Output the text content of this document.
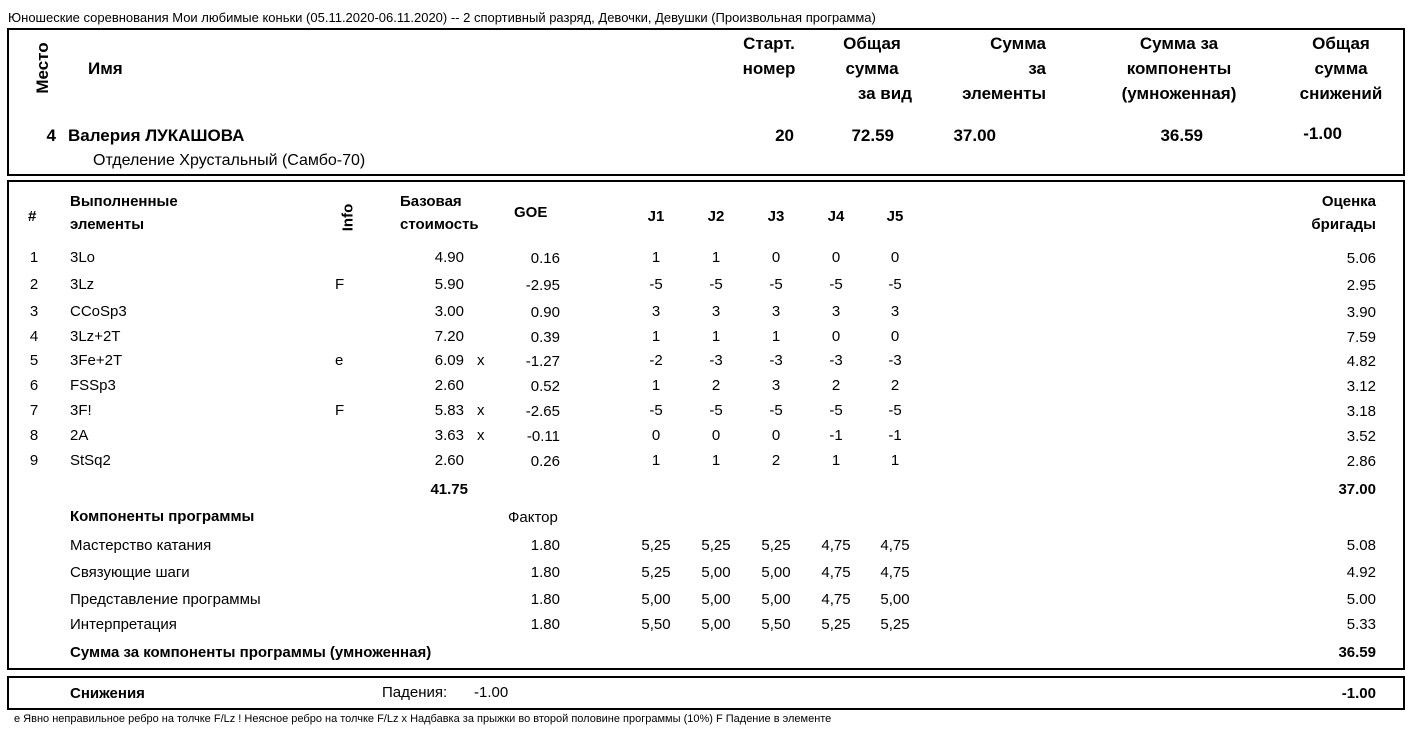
Юношеские соревнования Мои любимые коньки (05.11.2020-06.11.2020) -- 2 спортивный разряд, Девочки, Девушки (Произвольная программа)
Место Имя
Старт.
номер
Общая
сумма
за вид
Сумма
за
элементы
Сумма за
компоненты
(умноженная)
Общая
сумма
снижений
4 Валерия ЛУКАШОВА
Отделение Хрустальный (Самбо-70)
20	72.59	37.00	36.59	-1.00
#
Выполненные
элементы	Info
Базовая
стоимость
GOE	J1	J2	J3	J4	J5
Оценка
бригады
1	3Lo	4.90	0.16	1	1	0	0	0	5.06
2	3Lz	F	5.90	-2.95	-5	-5	-5	-5	-5	2.95
3	CCoSp3	3.00	0.90	3	3	3	3	3	3.90
4	3Lz+2T	7.20	0.39	1	1	1	0	0	7.59
5	3Fe+2T	e	6.09 x	-1.27	-2	-3	-3	-3	-3	4.82
6	FSSp3	2.60	0.52	1	2	3	2	2	3.12
7	3F!	F	5.83 x	-2.65	-5	-5	-5	-5	-5	3.18
8	2A	3.63 x	-0.11	0	0	0	-1	-1	3.52
9	StSq2	2.60	0.26	1	1	2	1	1	2.86
41.75	37.00
Компоненты программы	Фактор
Мастерство катания	1.80	5,25	5,25	5,25	4,75	4,75	5.08
Связующие шаги	1.80	5,25	5,00	5,00	4,75	4,75	4.92
Представление программы	1.80	5,00	5,00	5,00	4,75	5,00	5.00
Интерпретация	1.80	5,50	5,00	5,50	5,25	5,25	5.33
Сумма за компоненты программы (умноженная)	36.59
Снижения	Падения: -1.00	-1.00
e Явно неправильное ребро на толчке F/Lz ! Неясное ребро на толчке F/Lz x Надбавка за прыжки во второй половине программы (10%) F Падение в элементе
